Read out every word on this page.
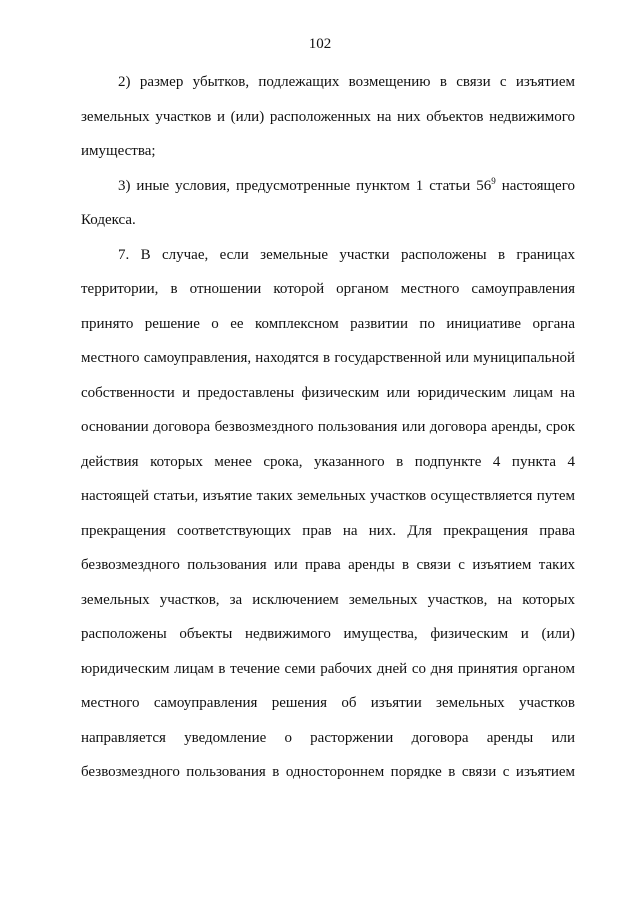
102

2) размер убытков, подлежащих возмещению в связи с изъятием земельных участков и (или) расположенных на них объектов недвижимого имущества;

3) иные условия, предусмотренные пунктом 1 статьи $56^9$ настоящего Кодекса.

7. В случае, если земельные участки расположены в границах территории, в отношении которой органом местного самоуправления принято решение о ее комплексном развитии по инициативе органа местного самоуправления, находятся в государственной или муниципальной собственности и предоставлены физическим или юридическим лицам на основании договора безвозмездного пользования или договора аренды, срок действия которых менее срока, указанного в подпункте 4 пункта 4 настоящей статьи, изъятие таких земельных участков осуществляется путем прекращения соответствующих прав на них. Для прекращения права безвозмездного пользования или права аренды в связи с изъятием таких земельных участков, за исключением земельных участков, на которых расположены объекты недвижимого имущества, физическим и (или) юридическим лицам в течение семи рабочих дней со дня принятия органом местного самоуправления решения об изъятии земельных участков направляется уведомление о расторжении договора аренды или безвозмездного пользования в одностороннем порядке в связи с изъятием
